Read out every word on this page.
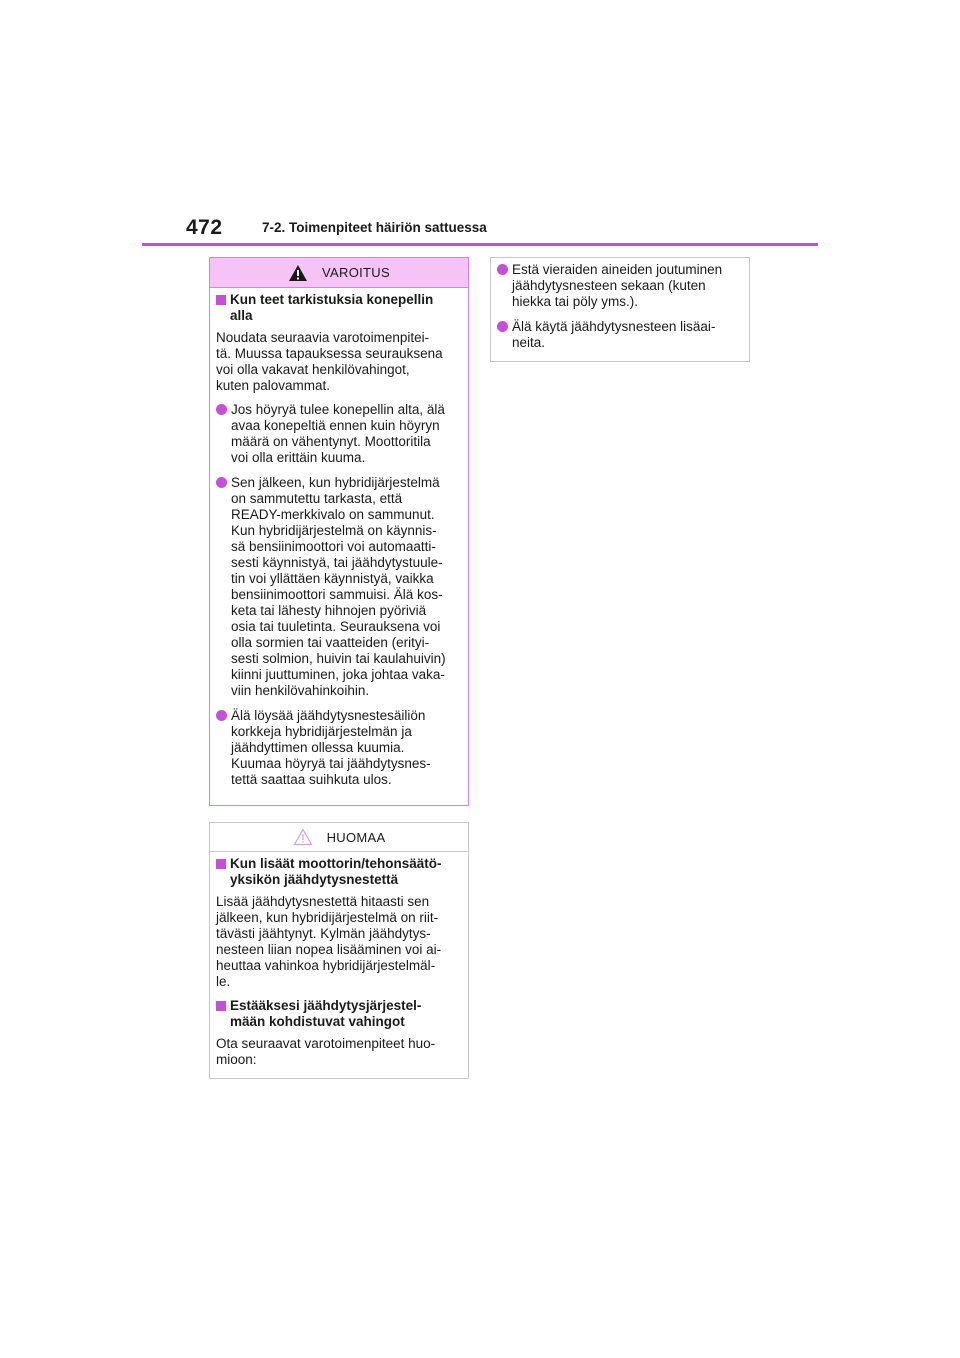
472	7-2. Toimenpiteet häiriön sattuessa
VAROITUS
Kun teet tarkistuksia konepellin
alla

Noudata seuraavia varotoimenpitei-
tä. Muussa tapauksessa seurauksena
voi olla vakavat henkilövahingot,
kuten palovammat.

Jos höyryä tulee konepellin alta, älä
avaa konepeltiä ennen kuin höyryn
määrä on vähentynyt. Moottoritila
voi olla erittäin kuuma.
Sen jälkeen, kun hybridijärjestelmä
on sammutettu tarkasta, että
READY-merkkivalo on sammunut.
Kun hybridijärjestelmä on käynnis-
sä bensiinimoottori voi automaatti-
sesti käynnistyä, tai jäähdytystuule-
tin voi yllättäen käynnistyä, vaikka
bensiinimoottori sammuisi. Älä kos-
keta tai lähesty hihnojen pyöriviä
osia tai tuuletinta. Seurauksena voi
olla sormien tai vaatteiden (erityi-
sesti solmion, huivin tai kaulahuivin)
kiinni juuttuminen, joka johtaa vaka-
viin henkilövahinkoihin.
Älä löysää jäähdytysnestesäiliön
korkkeja hybridijärjestelmän ja
jäähdyttimen ollessa kuumia.
Kuumaa höyryä tai jäähdytysnes-
tettä saattaa suihkuta ulos.
HUOMAA
Kun lisäät moottorin/tehonsäätö-
yksikön jäähdytysnestettä

Lisää jäähdytysnestettä hitaasti sen
jälkeen, kun hybridijärjestelmä on riit-
tävästi jäähtynyt. Kylmän jäähdytys-
nesteen liian nopea lisääminen voi ai-
heuttaa vahinkoa hybridijärjestelmäl-
le.

Estääksesi jäähdytysjärjestel-
mään kohdistuvat vahingot

Ota seuraavat varotoimenpiteet huo-
mioon:

Estä vieraiden aineiden joutuminen
jäähdytysnesteen sekaan (kuten
hiekka tai pöly yms.).
Älä käytä jäähdytysnesteen lisäai-
neita.
